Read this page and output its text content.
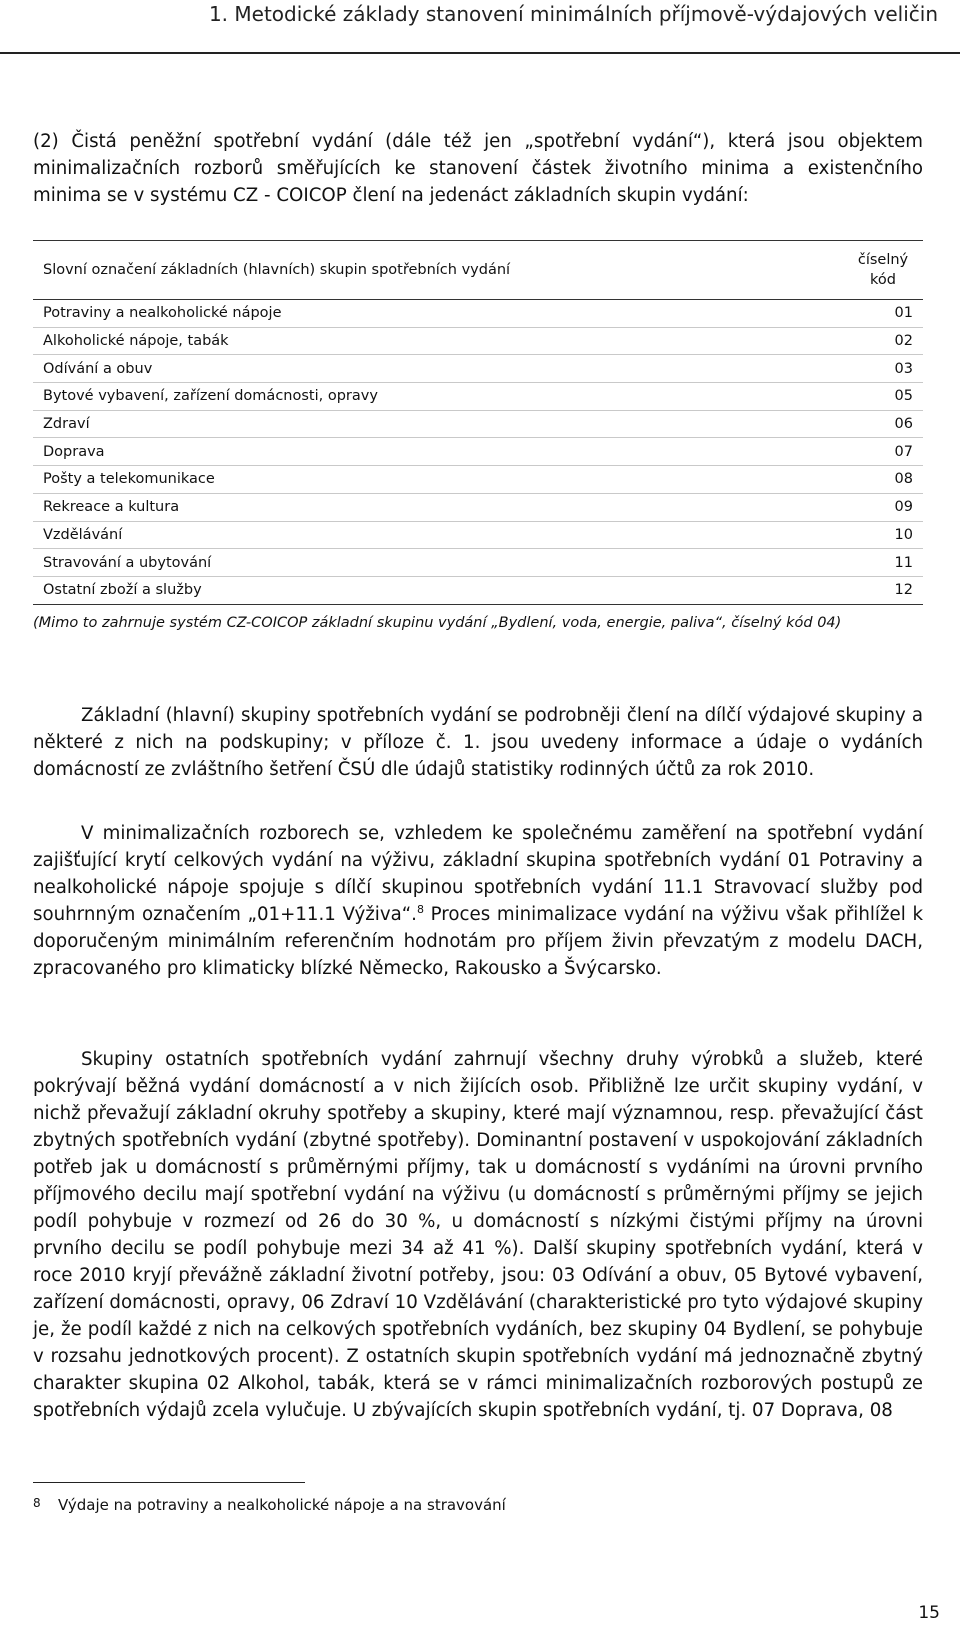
1. Metodické základy stanovení minimálních příjmově-výdajových veličin

(2) Čistá peněžní spotřební vydání (dále též jen „spotřební vydání“), která jsou objektem minimalizačních rozborů směřujících ke stanovení částek životního minima a existenčního minima se v systému CZ - COICOP člení na jedenáct základních skupin vydání:

Slovní označení základních (hlavních) skupin spotřebních vydání	číselný
kód
Potraviny a nealkoholické nápoje	01
Alkoholické nápoje, tabák	02
Odívání a obuv	03
Bytové vybavení, zařízení domácnosti, opravy	05
Zdraví	06
Doprava	07
Pošty a telekomunikace	08
Rekreace a kultura	09
Vzdělávání	10
Stravování a ubytování	11
Ostatní zboží a služby	12

(Mimo to zahrnuje systém CZ-COICOP základní skupinu vydání „Bydlení, voda, energie, paliva“, číselný kód 04)

Základní (hlavní) skupiny spotřebních vydání se podrobněji člení na dílčí výdajové skupiny a některé z nich na podskupiny; v příloze č. 1. jsou uvedeny informace a údaje o vydáních domácností ze zvláštního šetření ČSÚ dle údajů statistiky rodinných účtů za rok 2010.

V minimalizačních rozborech se, vzhledem ke společnému zaměření na spotřební vydání zajišťující krytí celkových vydání na výživu, základní skupina spotřebních vydání 01 Potraviny a nealkoholické nápoje spojuje s dílčí skupinou spotřebních vydání 11.1 Stravovací služby pod souhrnným označením „01+11.1 Výživa“.$^8$ Proces minimalizace vydání na výživu však přihlížel k doporučeným minimálním referenčním hodnotám pro příjem živin převzatým z modelu DACH, zpracovaného pro klimaticky blízké Německo, Rakousko a Švýcarsko.

Skupiny ostatních spotřebních vydání zahrnují všechny druhy výrobků a služeb, které pokrývají běžná vydání domácností a v nich žijících osob. Přibližně lze určit skupiny vydání, v nichž převažují základní okruhy spotřeby a skupiny, které mají významnou, resp. převažující část zbytných spotřebních vydání (zbytné spotřeby). Dominantní postavení v uspokojování základních potřeb jak u domácností s průměrnými příjmy, tak u domácností s vydáními na úrovni prvního příjmového decilu mají spotřební vydání na výživu (u domácností s průměrnými příjmy se jejich podíl pohybuje v rozmezí od 26 do 30 %, u domácností s nízkými čistými příjmy na úrovni prvního decilu se podíl pohybuje mezi 34 až 41 %). Další skupiny spotřebních vydání, která v roce 2010 kryjí převážně základní životní potřeby, jsou: 03 Odívání a obuv, 05 Bytové vybavení, zařízení domácnosti, opravy, 06 Zdraví 10 Vzdělávání (charakteristické pro tyto výdajové skupiny je, že podíl každé z nich na celkových spotřebních vydáních, bez skupiny 04 Bydlení, se pohybuje v rozsahu jednotkových procent). Z ostatních skupin spotřebních vydání má jednoznačně zbytný charakter skupina 02 Alkohol, tabák, která se v rámci minimalizačních rozborových postupů ze spotřebních výdajů zcela vylučuje. U zbývajících skupin spotřebních vydání, tj. 07 Doprava, 08

8 Výdaje na potraviny a nealkoholické nápoje a na stravování
15
